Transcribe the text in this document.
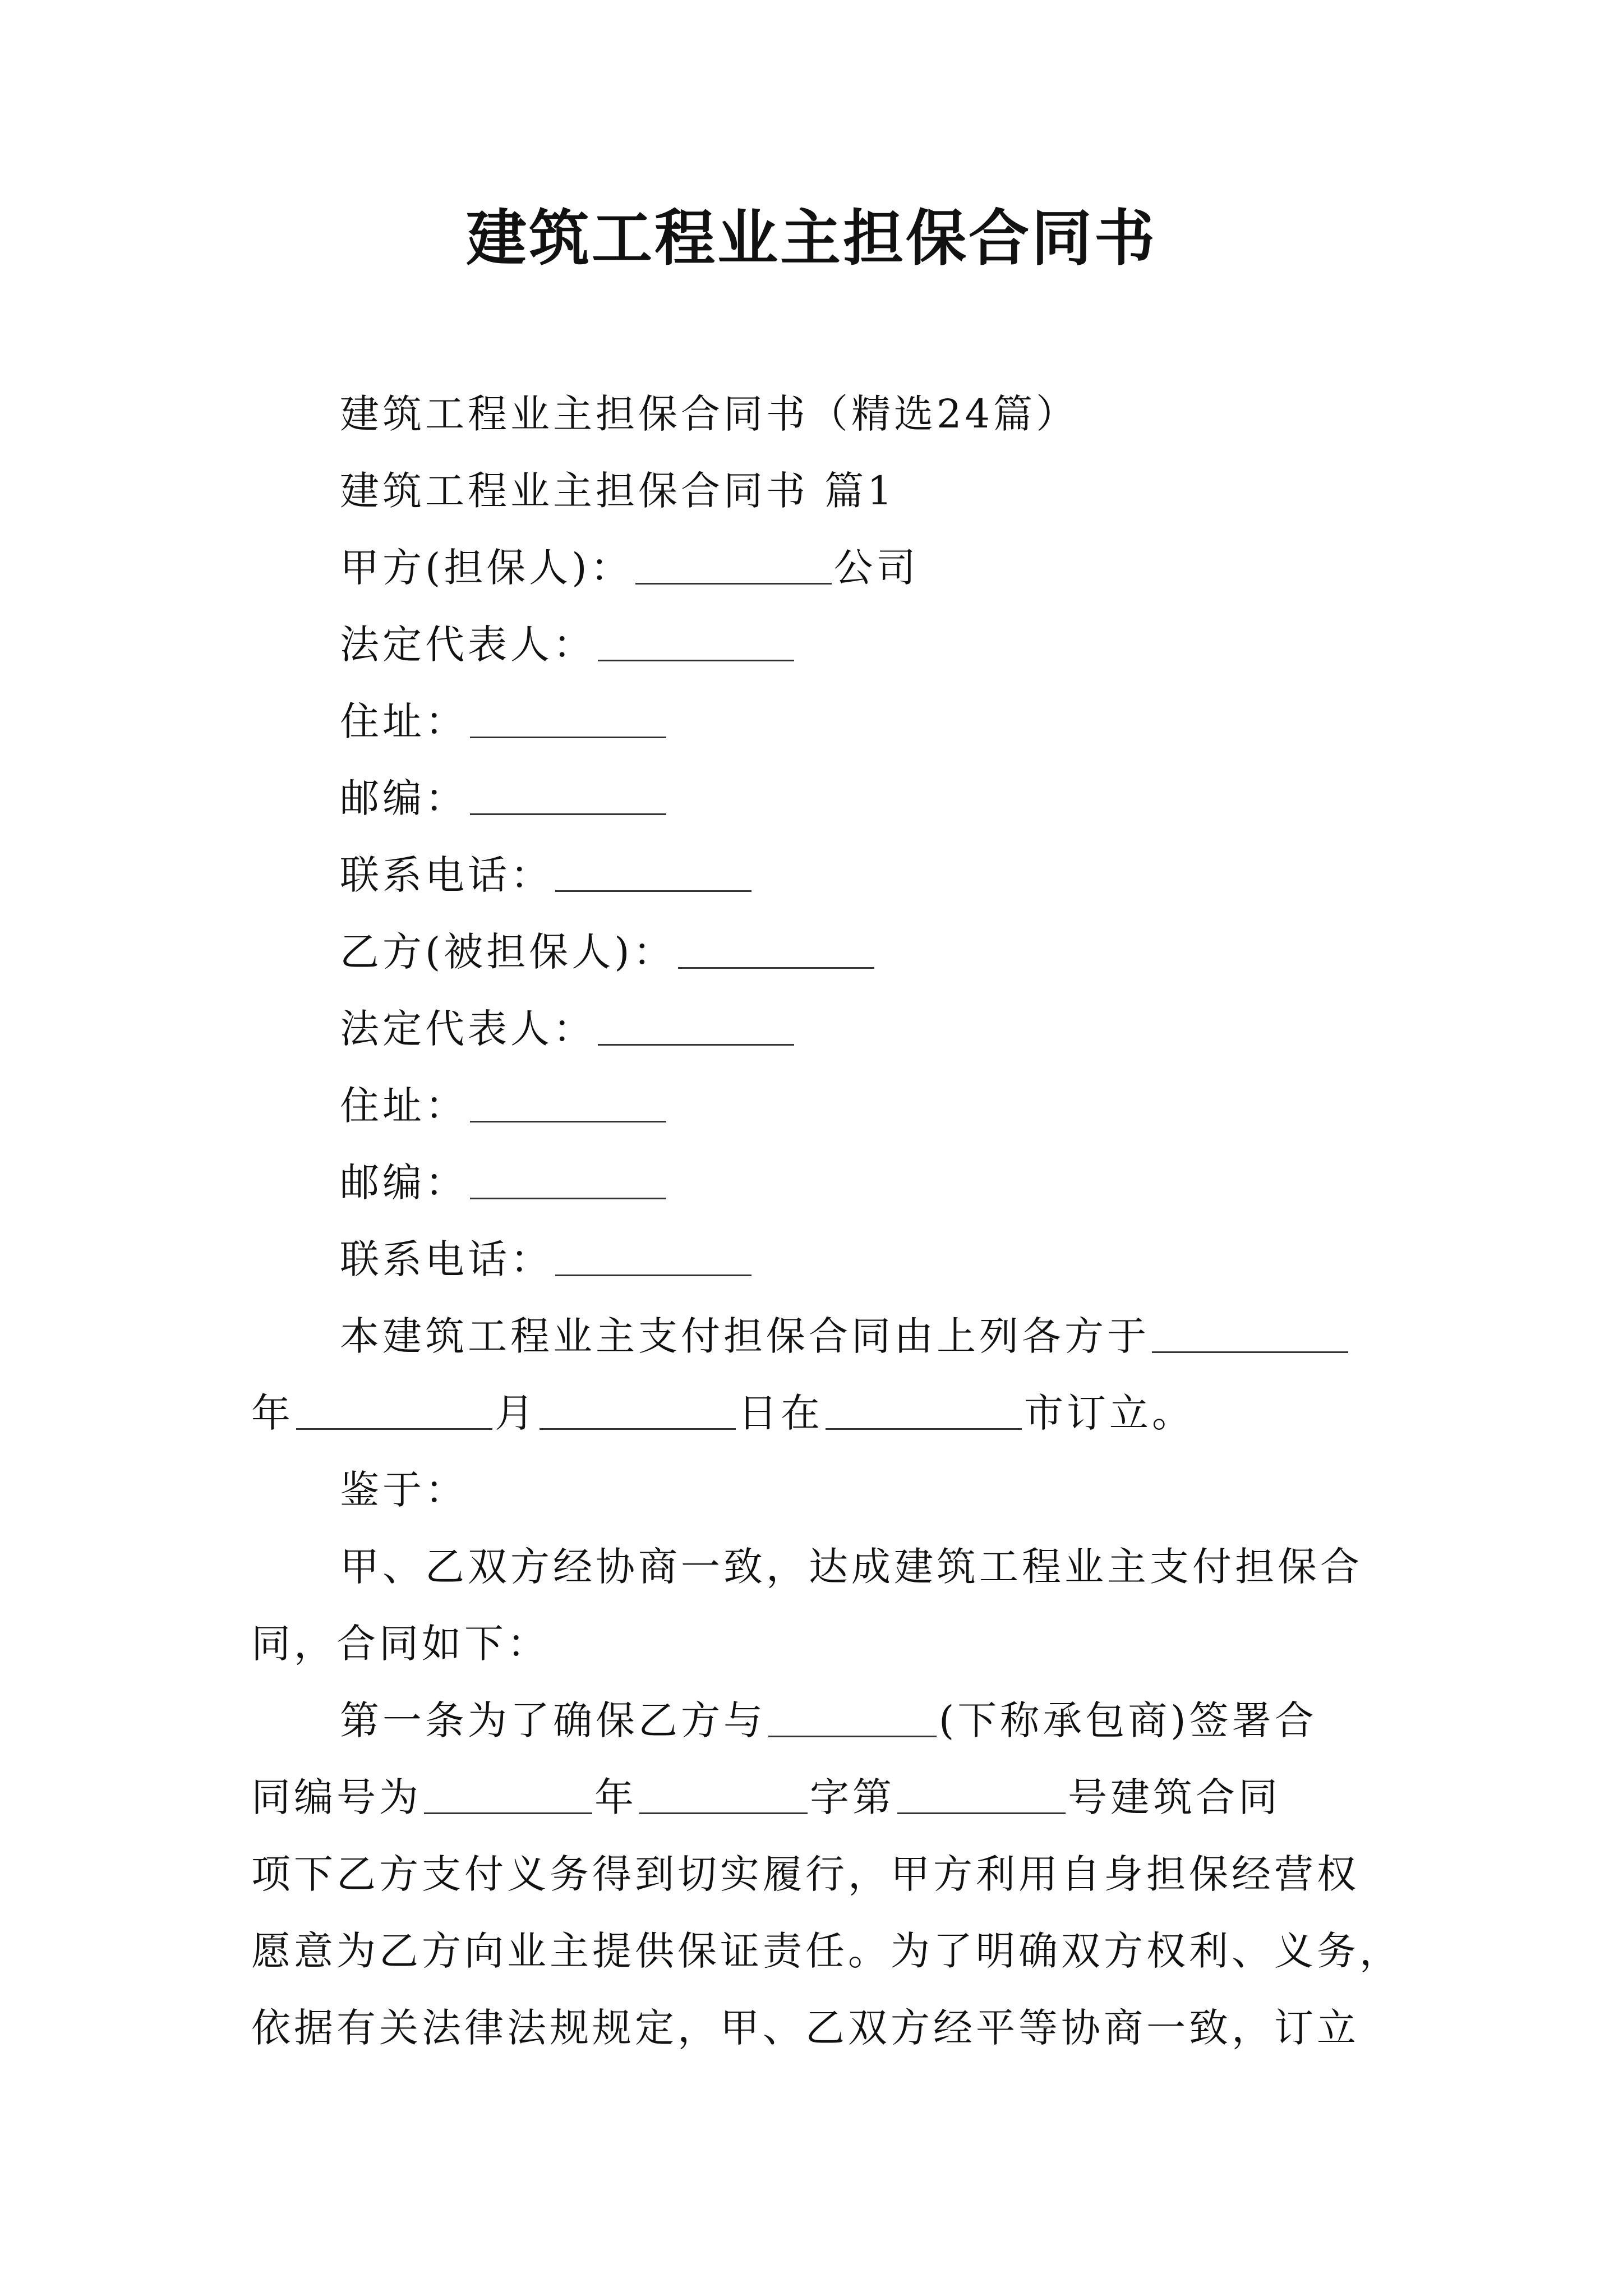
建筑工程业主担保合同书
建筑工程业主担保合同书（精选24篇）
建筑工程业主担保合同书 篇1
甲方(担保人)：	公司
法定代表人：
住址：
邮编：
联系电话：
乙方(被担保人)：
法定代表人：
住址：
邮编：
联系电话：
本建筑工程业主支付担保合同由上列各方于
年	月	日在	市订立。
鉴于：
甲、乙双方经协商一致，达成建筑工程业主支付担保合
同，合同如下：
第一条为了确保乙方与	(下称承包商)签署合
同编号为	年	字第	号建筑合同
项下乙方支付义务得到切实履行，甲方利用自身担保经营权
愿意为乙方向业主提供保证责任。为了明确双方权利、义务，
依据有关法律法规规定，甲、乙双方经平等协商一致，订立
